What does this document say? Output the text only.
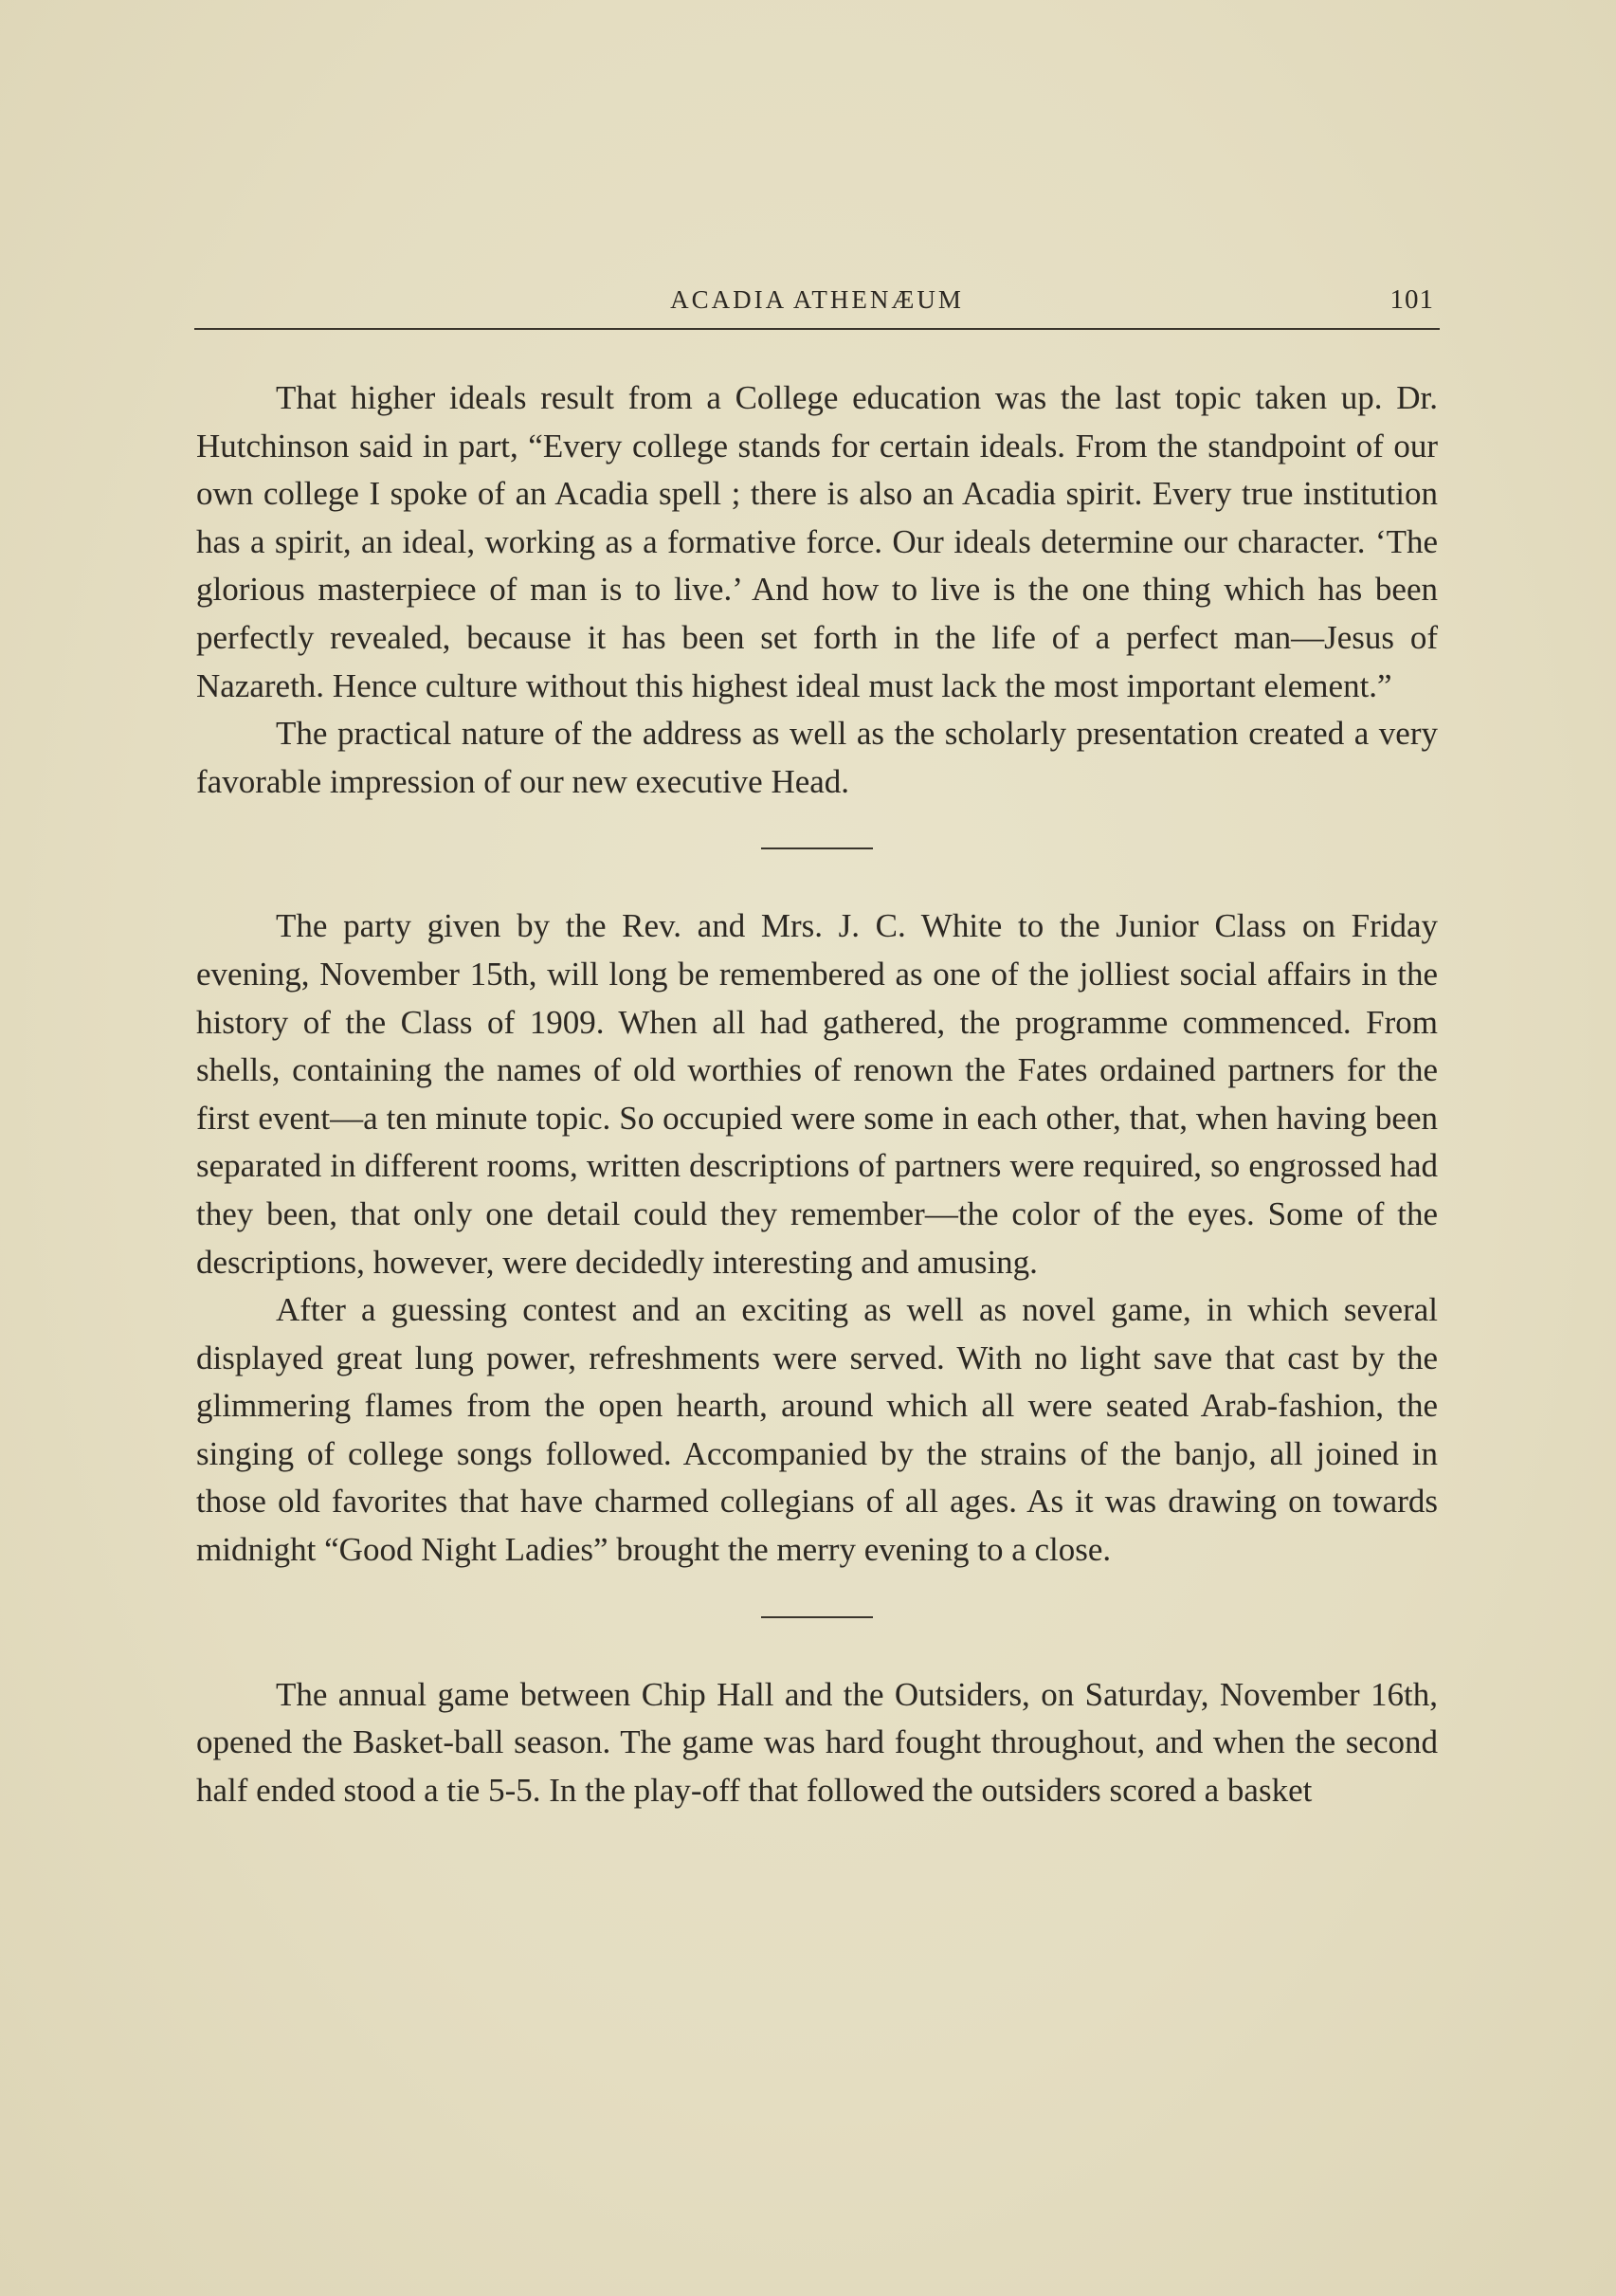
ACADIA ATHENÆUM	101

That higher ideals result from a College education was the last topic taken up. Dr. Hutchinson said in part, “Every college stands for certain ideals. From the standpoint of our own college I spoke of an Acadia spell ; there is also an Acadia spirit. Every true institution has a spirit, an ideal, working as a formative force. Our ideals determine our character. ‘The glorious masterpiece of man is to live.’ And how to live is the one thing which has been perfectly revealed, because it has been set forth in the life of a perfect man—Jesus of Nazareth. Hence culture without this highest ideal must lack the most important element.”

The practical nature of the address as well as the scholarly presentation created a very favorable impression of our new executive Head.

The party given by the Rev. and Mrs. J. C. White to the Junior Class on Friday evening, November 15th, will long be remembered as one of the jolliest social affairs in the history of the Class of 1909. When all had gathered, the programme commenced. From shells, containing the names of old worthies of renown the Fates ordained partners for the first event—a ten minute topic. So occupied were some in each other, that, when having been separated in different rooms, written descriptions of partners were required, so engrossed had they been, that only one detail could they remember—the color of the eyes. Some of the descriptions, however, were decidedly interesting and amusing.

After a guessing contest and an exciting as well as novel game, in which several displayed great lung power, refreshments were served. With no light save that cast by the glimmering flames from the open hearth, around which all were seated Arab-fashion, the singing of college songs followed. Accompanied by the strains of the banjo, all joined in those old favorites that have charmed collegians of all ages. As it was drawing on towards midnight “Good Night Ladies” brought the merry evening to a close.

The annual game between Chip Hall and the Outsiders, on Saturday, November 16th, opened the Basket-ball season. The game was hard fought throughout, and when the second half ended stood a tie 5-5. In the play-off that followed the outsiders scored a basket
